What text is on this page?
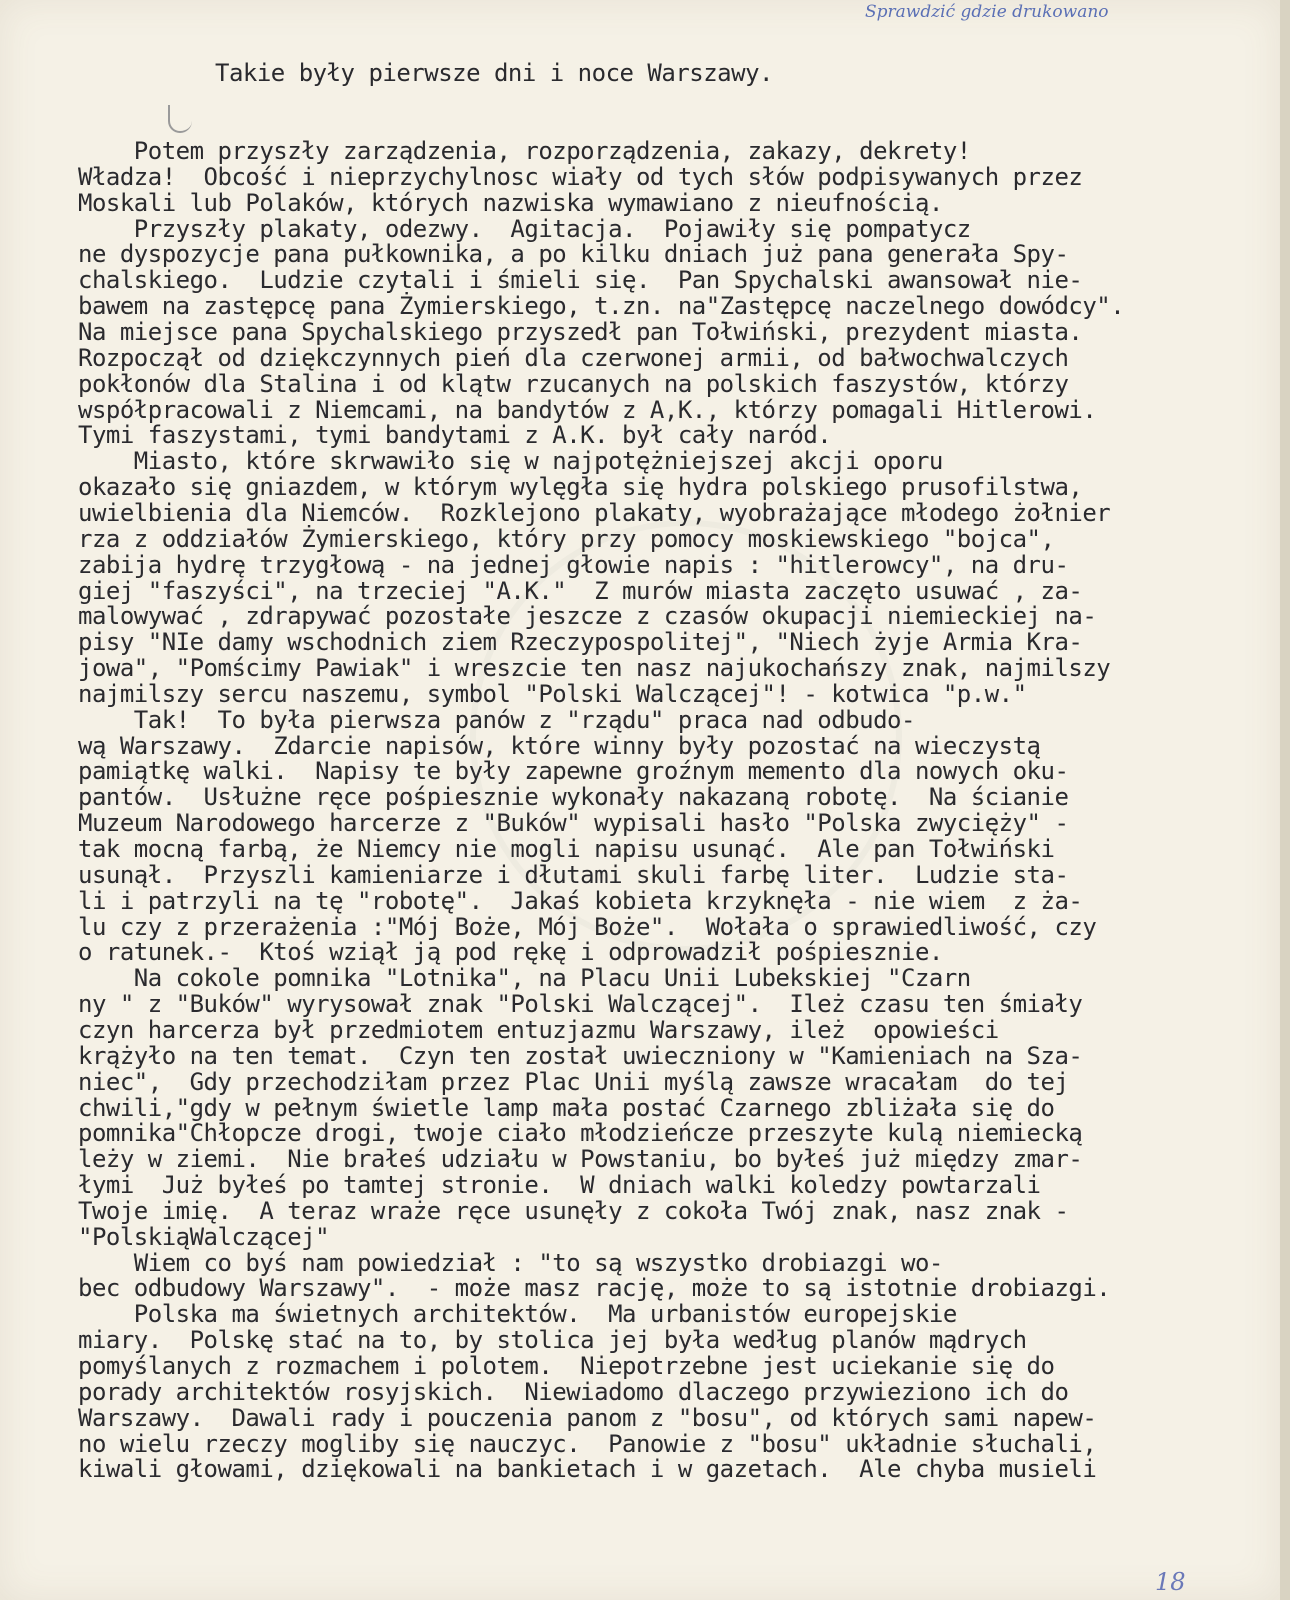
Sprawdzić gdzie drukowano

Takie były pierwsze dni i noce Warszawy.

Potem przyszły zarządzenia, rozporządzenia, zakazy, dekrety!

Władza!  Obcość i nieprzychylnosc wiały od tych słów podpisywanych przez

Moskali lub Polaków, których nazwiska wymawiano z nieufnością.

Przyszły plakaty, odezwy.  Agitacja.  Pojawiły się pompatycz

ne dyspozycje pana pułkownika, a po kilku dniach już pana generała Spy-

chalskiego.  Ludzie czytali i śmieli się.  Pan Spychalski awansował nie-

bawem na zastępcę pana Żymierskiego, t.zn. na"Zastępcę naczelnego dowódcy".

Na miejsce pana Spychalskiego przyszedł pan Tołwiński, prezydent miasta.

Rozpoczął od dziękczynnych pień dla czerwonej armii, od bałwochwalczych

pokłonów dla Stalina i od klątw rzucanych na polskich faszystów, którzy

współpracowali z Niemcami, na bandytów z A,K., którzy pomagali Hitlerowi.

Tymi faszystami, tymi bandytami z A.K. był cały naród.

Miasto, które skrwawiło się w najpotężniejszej akcji oporu

okazało się gniazdem, w którym wylęgła się hydra polskiego prusofilstwa,

uwielbienia dla Niemców.  Rozklejono plakaty, wyobrażające młodego żołnier

rza z oddziałów Żymierskiego, który przy pomocy moskiewskiego "bojca",

zabija hydrę trzygłową - na jednej głowie napis : "hitlerowcy", na dru-

giej "faszyści", na trzeciej "A.K."  Z murów miasta zaczęto usuwać , za-

malowywać , zdrapywać pozostałe jeszcze z czasów okupacji niemieckiej na-

pisy "NIe damy wschodnich ziem Rzeczypospolitej", "Niech żyje Armia Kra-

jowa", "Pomścimy Pawiak" i wreszcie ten nasz najukochańszy znak, najmilszy

najmilszy sercu naszemu, symbol "Polski Walczącej"! - kotwica "p.w."

Tak!  To była pierwsza panów z "rządu" praca nad odbudo-

wą Warszawy.  Zdarcie napisów, które winny były pozostać na wieczystą

pamiątkę walki.  Napisy te były zapewne groźnym memento dla nowych oku-

pantów.  Usłużne ręce pośpiesznie wykonały nakazaną robotę.  Na ścianie

Muzeum Narodowego harcerze z "Buków" wypisali hasło "Polska zwycięży" -

tak mocną farbą, że Niemcy nie mogli napisu usunąć.  Ale pan Tołwiński

usunął.  Przyszli kamieniarze i dłutami skuli farbę liter.  Ludzie sta-

li i patrzyli na tę "robotę".  Jakaś kobieta krzyknęła - nie wiem  z ża-

lu czy z przerażenia :"Mój Boże, Mój Boże".  Wołała o sprawiedliwość, czy

o ratunek.-  Ktoś wziął ją pod rękę i odprowadził pośpiesznie.

Na cokole pomnika "Lotnika", na Placu Unii Lubekskiej "Czarn

ny " z "Buków" wyrysował znak "Polski Walczącej".  Ileż czasu ten śmiały

czyn harcerza był przedmiotem entuzjazmu Warszawy, ileż  opowieści

krążyło na ten temat.  Czyn ten został uwieczniony w "Kamieniach na Sza-

niec",  Gdy przechodziłam przez Plac Unii myślą zawsze wracałam  do tej

chwili,"gdy w pełnym świetle lamp mała postać Czarnego zbliżała się do

pomnika"Chłopcze drogi, twoje ciało młodzieńcze przeszyte kulą niemiecką

leży w ziemi.  Nie brałeś udziału w Powstaniu, bo byłeś już między zmar-

łymi  Już byłeś po tamtej stronie.  W dniach walki koledzy powtarzali

Twoje imię.  A teraz wraże ręce usunęły z cokoła Twój znak, nasz znak -

"PolskiąWalczącej"

Wiem co byś nam powiedział : "to są wszystko drobiazgi wo-

bec odbudowy Warszawy".  - może masz rację, może to są istotnie drobiazgi.

Polska ma świetnych architektów.  Ma urbanistów europejskie

miary.  Polskę stać na to, by stolica jej była według planów mądrych

pomyślanych z rozmachem i polotem.  Niepotrzebne jest uciekanie się do

porady architektów rosyjskich.  Niewiadomo dlaczego przywieziono ich do

Warszawy.  Dawali rady i pouczenia panom z "bosu", od których sami napew-

no wielu rzeczy mogliby się nauczyc.  Panowie z "bosu" układnie słuchali,

kiwali głowami, dziękowali na bankietach i w gazetach.  Ale chyba musieli

18
